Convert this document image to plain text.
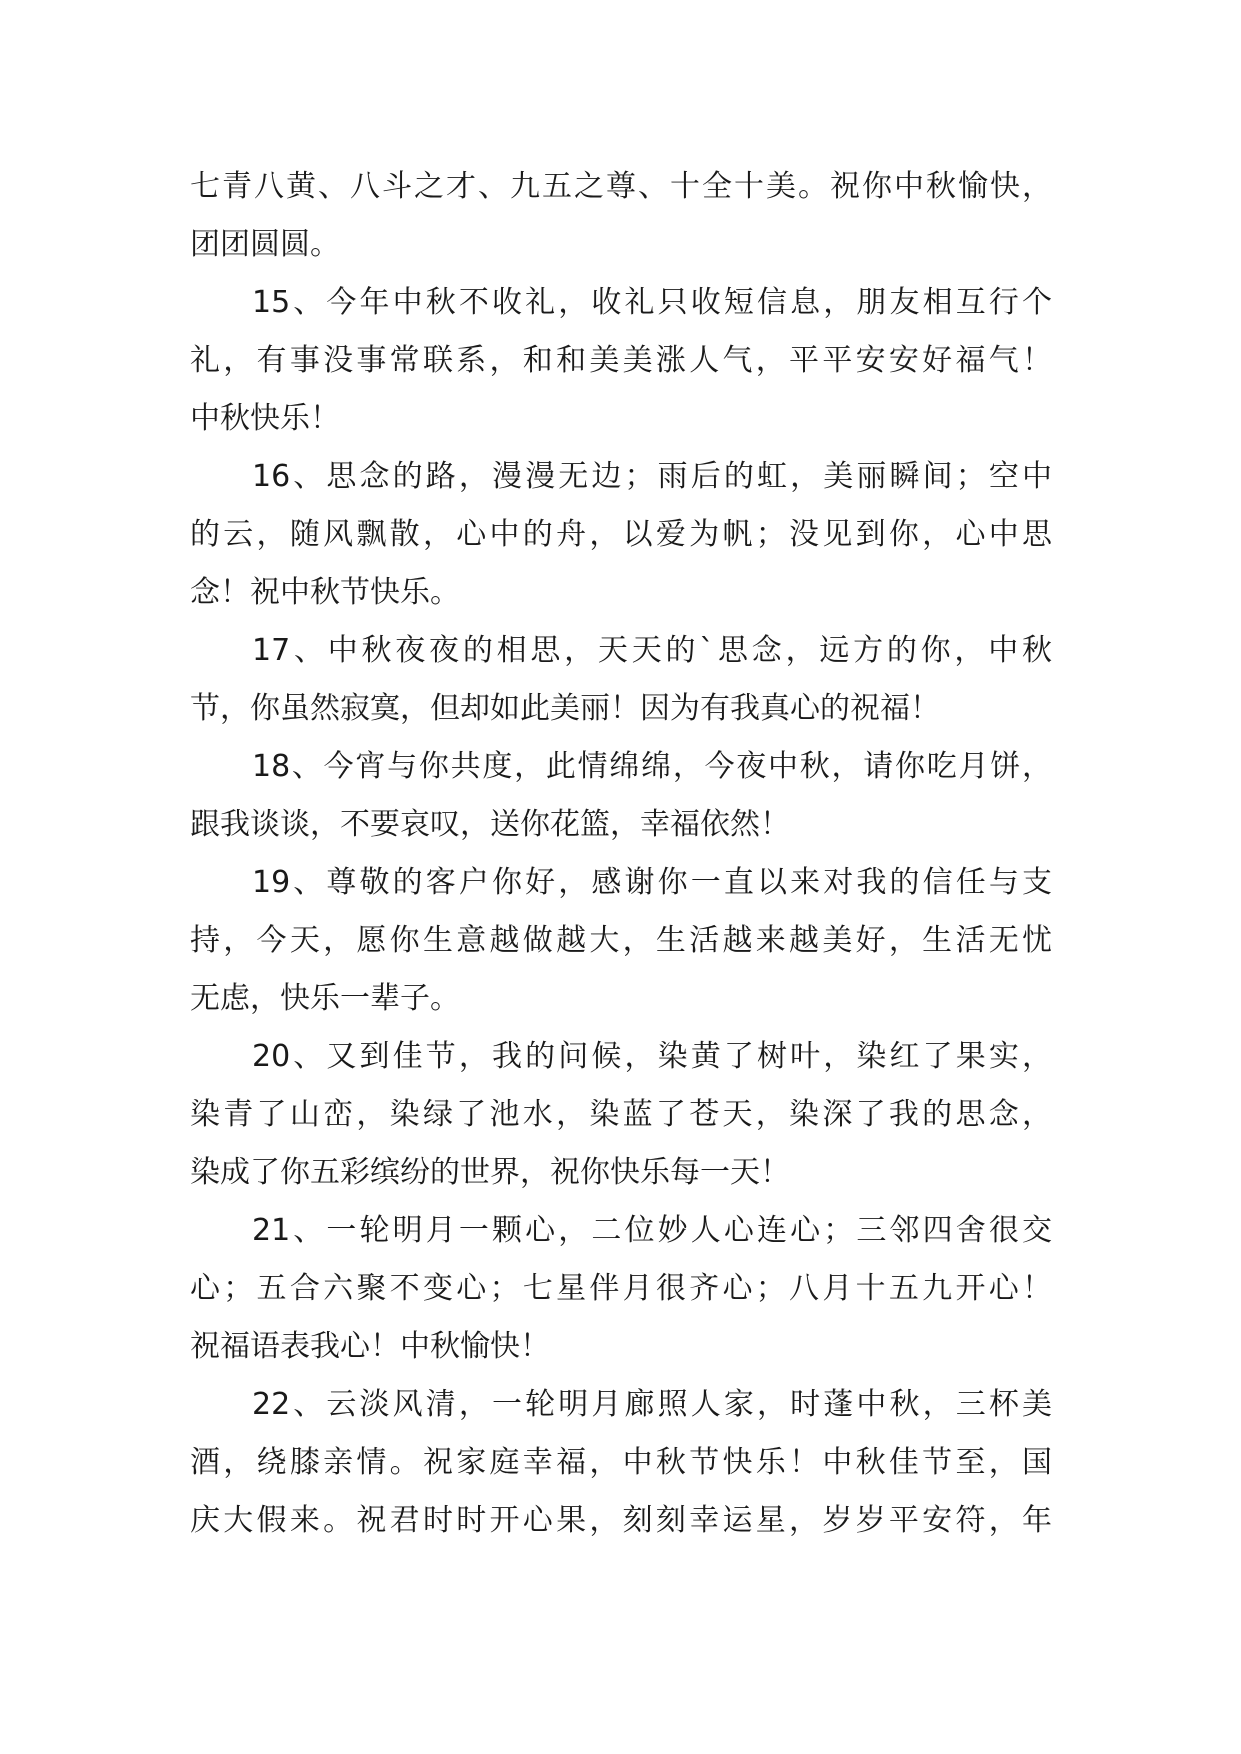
七青八黄、八斗之才、九五之尊、十全十美。祝你中秋愉快，
团团圆圆。
15、今年中秋不收礼，收礼只收短信息，朋友相互行个
礼，有事没事常联系，和和美美涨人气，平平安安好福气！
中秋快乐！
16、思念的路，漫漫无边；雨后的虹，美丽瞬间；空中
的云，随风飘散，心中的舟，以爱为帆；没见到你，心中思
念！祝中秋节快乐。
17、中秋夜夜的相思，天天的`思念，远方的你，中秋
节，你虽然寂寞，但却如此美丽！因为有我真心的祝福！
18、今宵与你共度，此情绵绵，今夜中秋，请你吃月饼，
跟我谈谈，不要哀叹，送你花篮，幸福依然！
19、尊敬的客户你好，感谢你一直以来对我的信任与支
持，今天，愿你生意越做越大，生活越来越美好，生活无忧
无虑，快乐一辈子。
20、又到佳节，我的问候，染黄了树叶，染红了果实，
染青了山峦，染绿了池水，染蓝了苍天，染深了我的思念，
染成了你五彩缤纷的世界，祝你快乐每一天！
21、一轮明月一颗心，二位妙人心连心；三邻四舍很交
心；五合六聚不变心；七星伴月很齐心；八月十五九开心！
祝福语表我心！中秋愉快！
22、云淡风清，一轮明月廊照人家，时蓬中秋，三杯美
酒，绕膝亲情。祝家庭幸福，中秋节快乐！中秋佳节至，国
庆大假来。祝君时时开心果，刻刻幸运星，岁岁平安符，年
